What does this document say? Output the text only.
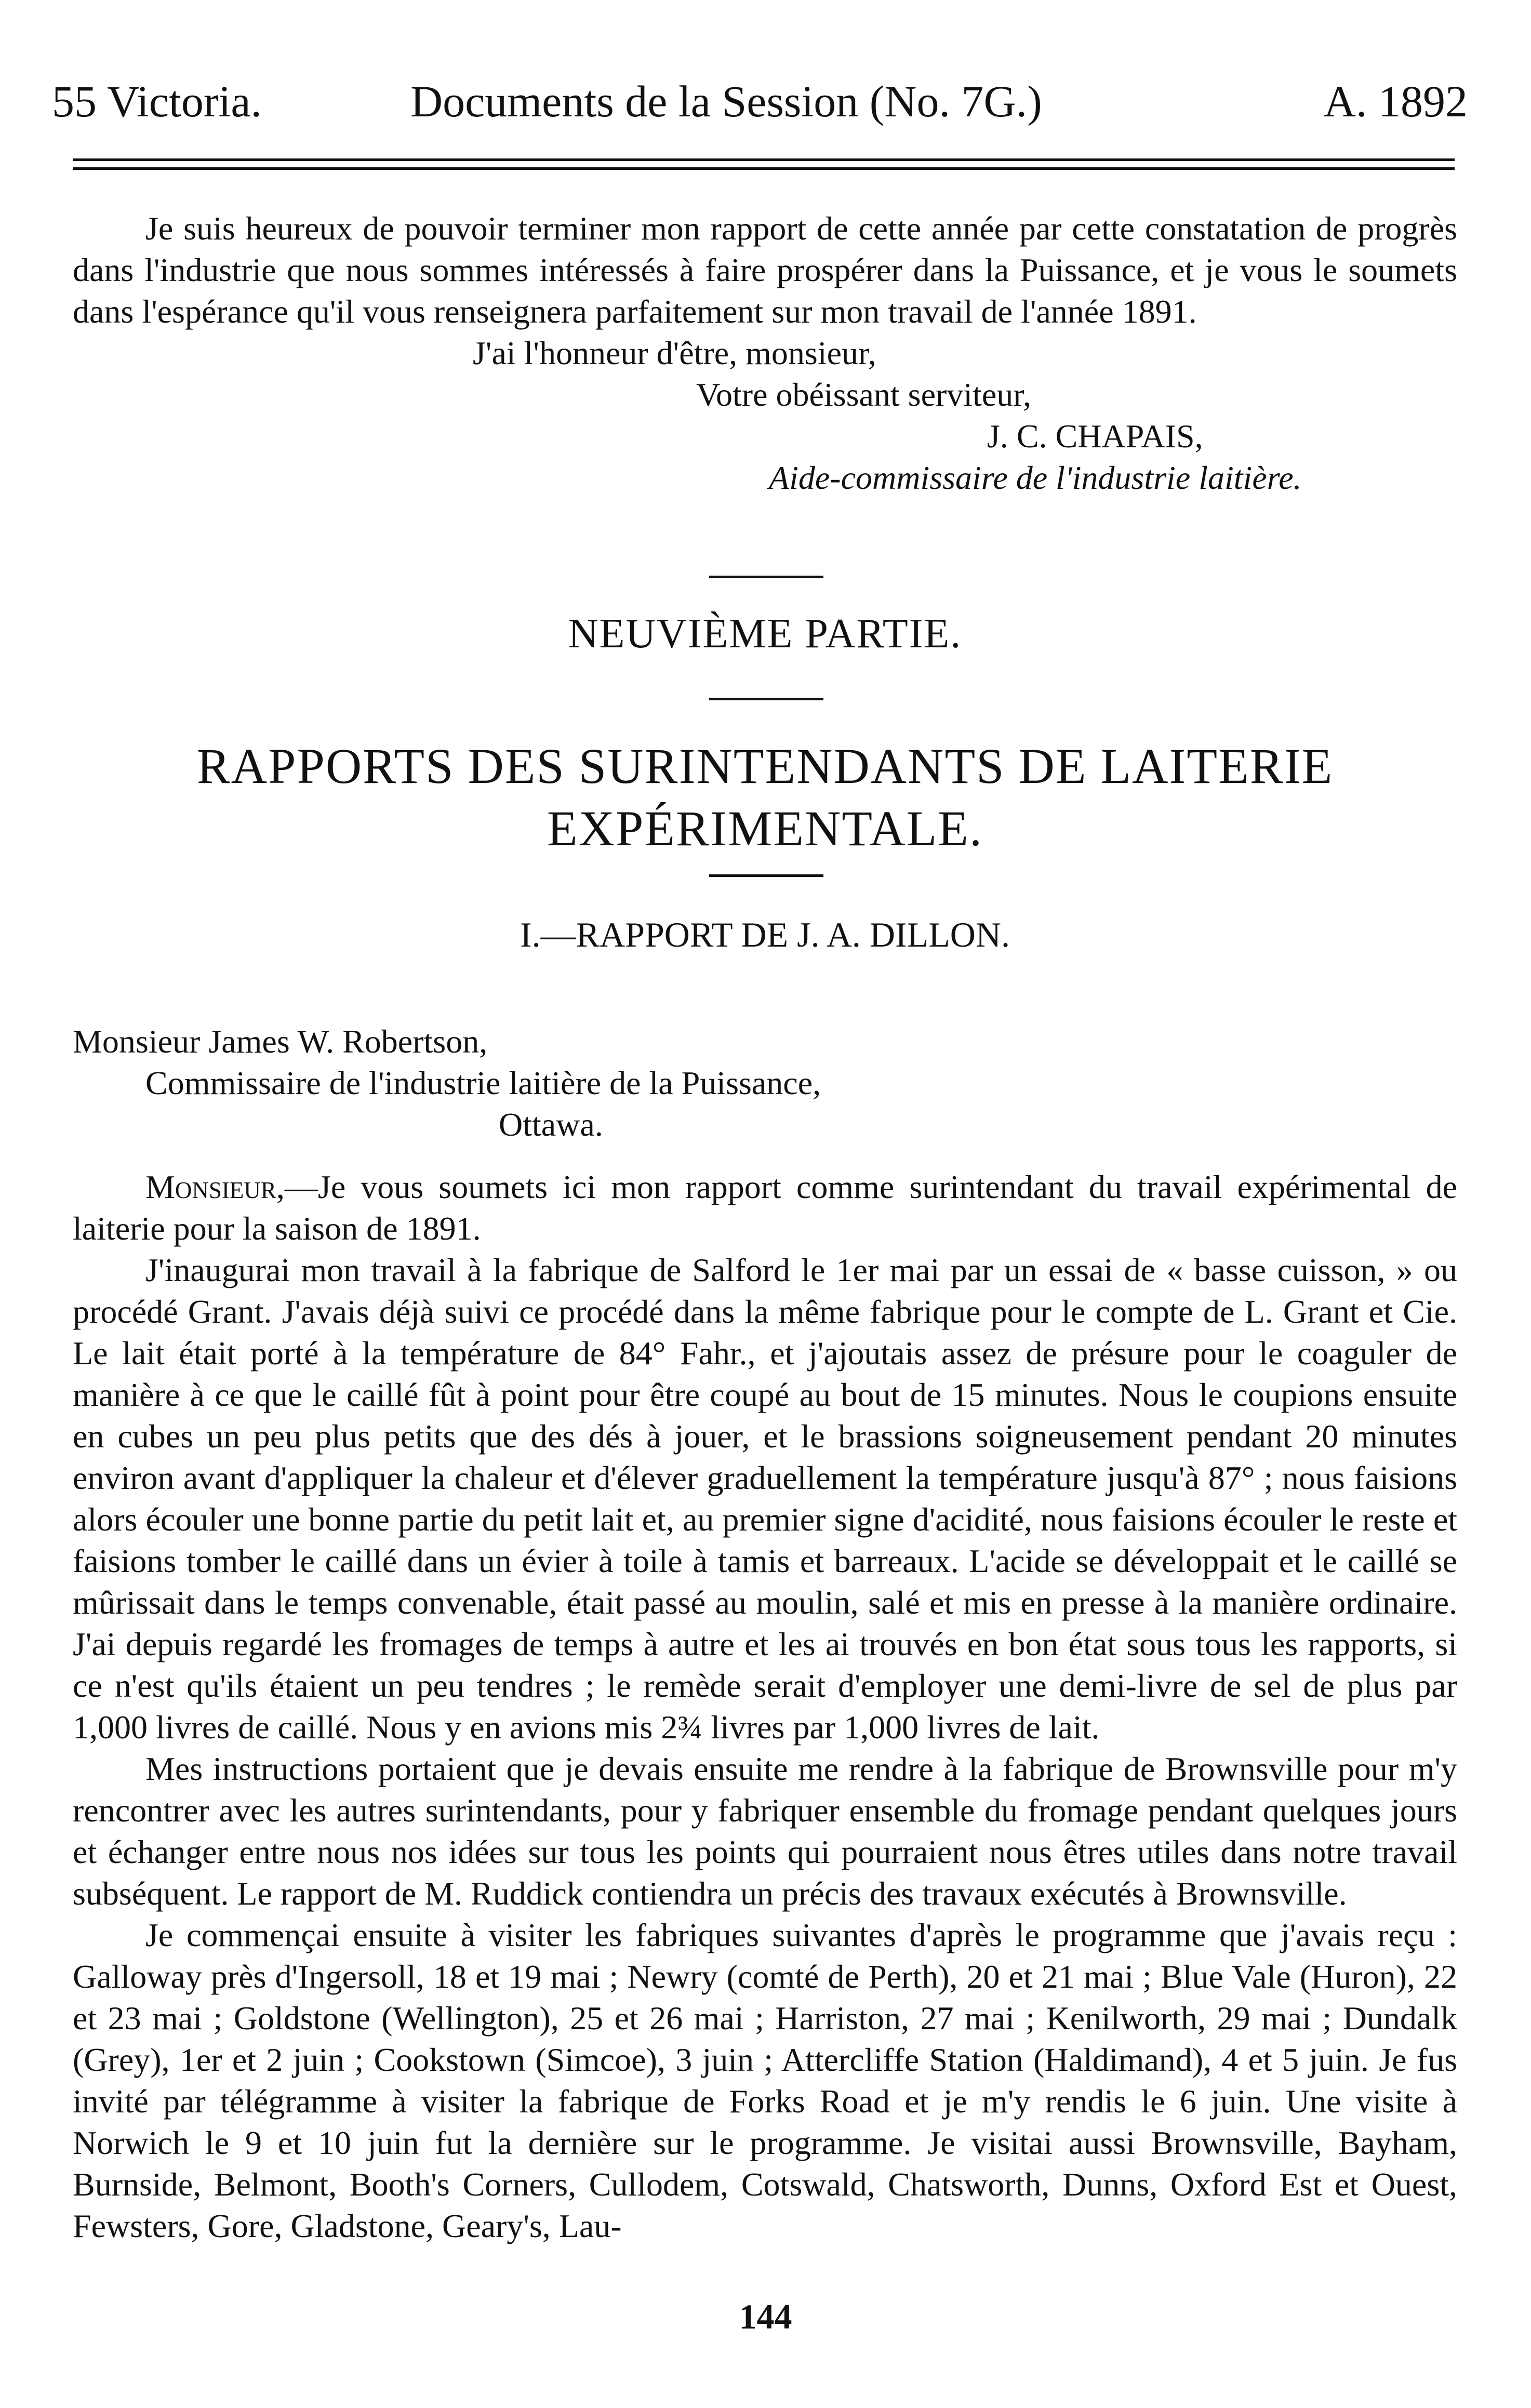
55 Victoria.	Documents de la Session (No. 7G.)	A. 1892

Je suis heureux de pouvoir terminer mon rapport de cette année par cette constatation de progrès dans l'industrie que nous sommes intéressés à faire prospérer dans la Puissance, et je vous le soumets dans l'espérance qu'il vous renseignera parfaitement sur mon travail de l'année 1891.

J'ai l'honneur d'être, monsieur,

Votre obéissant serviteur,

J. C. CHAPAIS,

Aide-commissaire de l'industrie laitière.

NEUVIÈME PARTIE.

RAPPORTS DES SURINTENDANTS DE LAITERIE EXPÉRIMENTALE.

I.—RAPPORT DE J. A. DILLON.

Monsieur James W. Robertson,

Commissaire de l'industrie laitière de la Puissance,

Ottawa.

Monsieur,—Je vous soumets ici mon rapport comme surintendant du travail expérimental de laiterie pour la saison de 1891.

J'inaugurai mon travail à la fabrique de Salford le 1er mai par un essai de « basse cuisson, » ou procédé Grant. J'avais déjà suivi ce procédé dans la même fabrique pour le compte de L. Grant et Cie. Le lait était porté à la température de 84° Fahr., et j'ajoutais assez de présure pour le coaguler de manière à ce que le caillé fût à point pour être coupé au bout de 15 minutes. Nous le coupions ensuite en cubes un peu plus petits que des dés à jouer, et le brassions soigneusement pendant 20 minutes environ avant d'appliquer la chaleur et d'élever graduellement la température jusqu'à 87° ; nous faisions alors écouler une bonne partie du petit lait et, au premier signe d'acidité, nous faisions écouler le reste et faisions tomber le caillé dans un évier à toile à tamis et barreaux. L'acide se développait et le caillé se mûrissait dans le temps convenable, était passé au moulin, salé et mis en presse à la manière ordinaire. J'ai depuis regardé les fromages de temps à autre et les ai trouvés en bon état sous tous les rapports, si ce n'est qu'ils étaient un peu tendres ; le remède serait d'employer une demi-livre de sel de plus par 1,000 livres de caillé. Nous y en avions mis 2¾ livres par 1,000 livres de lait.

Mes instructions portaient que je devais ensuite me rendre à la fabrique de Brownsville pour m'y rencontrer avec les autres surintendants, pour y fabriquer ensemble du fromage pendant quelques jours et échanger entre nous nos idées sur tous les points qui pourraient nous êtres utiles dans notre travail subséquent. Le rapport de M. Ruddick contiendra un précis des travaux exécutés à Brownsville.

Je commençai ensuite à visiter les fabriques suivantes d'après le programme que j'avais reçu : Galloway près d'Ingersoll, 18 et 19 mai ; Newry (comté de Perth), 20 et 21 mai ; Blue Vale (Huron), 22 et 23 mai ; Goldstone (Wellington), 25 et 26 mai ; Harriston, 27 mai ; Kenilworth, 29 mai ; Dundalk (Grey), 1er et 2 juin ; Cookstown (Simcoe), 3 juin ; Attercliffe Station (Haldimand), 4 et 5 juin. Je fus invité par télégramme à visiter la fabrique de Forks Road et je m'y rendis le 6 juin. Une visite à Norwich le 9 et 10 juin fut la dernière sur le programme. Je visitai aussi Brownsville, Bayham, Burnside, Belmont, Booth's Corners, Cullodem, Cotswald, Chatsworth, Dunns, Oxford Est et Ouest, Fewsters, Gore, Gladstone, Geary's, Lau-

144
